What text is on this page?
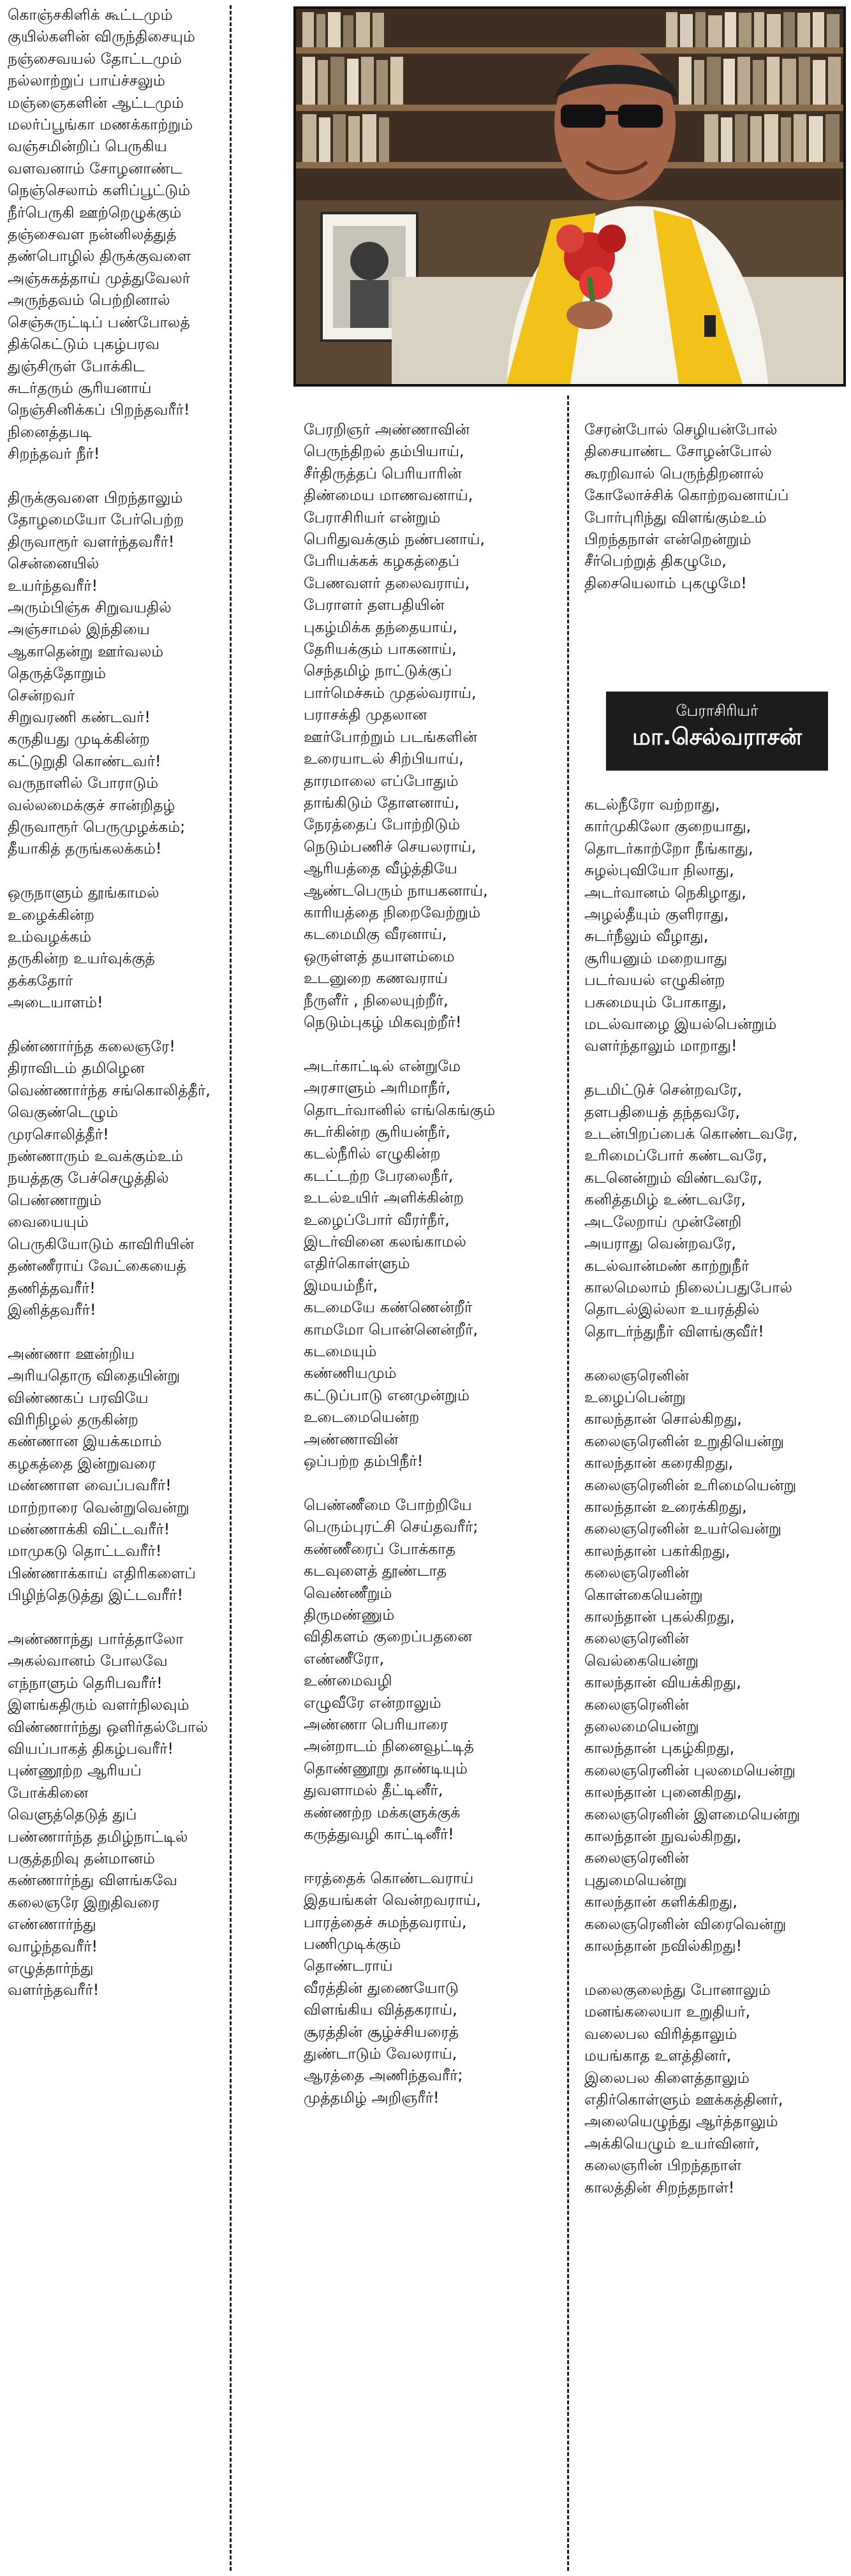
கொஞ்சகிளிக் கூட்டமும்
குயில்களின் விருந்திசையும்
நஞ்சைவயல் தோட்டமும்
நல்லாற்றுப் பாய்ச்சலும்
மஞ்ஞைகளின் ஆட்டமும்
மலர்ப்பூங்கா மணக்காற்றும்
வஞ்சமின்றிப் பெருகிய
வளவனாம் சோழனாண்ட
நெஞ்செலாம் களிப்பூட்டும்
நீர்பெருகி ஊற்றெழுக்கும்
தஞ்சைவள நன்னிலத்துத்
தண்பொழில் திருக்குவளை
அஞ்சுகத்தாய் முத்துவேலர்
அருந்தவம் பெற்றினால்
செஞ்சுருட்டிப் பண்போலத்
திக்கெட்டும் புகழ்பரவ
துஞ்சிருள் போக்கிட
சுடர்தரும் சூரியனாய்
நெஞ்சினிக்கப் பிறந்தவரீர்!
நினைத்தபடி
சிறந்தவர் நீர்!
திருக்குவளை பிறந்தாலும்
தோழமையோ பேர்பெற்ற
திருவாரூர் வளர்ந்தவரீர்!
சென்னையில்
உயர்ந்தவரீர்!
அரும்பிஞ்சு சிறுவயதில்
அஞ்சாமல் இந்தியை
ஆகாதென்று ஊர்வலம்
தெருத்தோறும்
சென்றவர்
சிறுவரணி கண்டவர்!
கருதியது முடிக்கின்ற
கட்டுறுதி கொண்டவர்!
வருநாளில் போராடும்
வல்லமைக்குச் சான்றிதழ்
திருவாரூர் பெருமுழக்கம்;
தீயாகித் தருங்கலக்கம்!
ஒருநாளும் தூங்காமல்
உழைக்கின்ற
உம்வழக்கம்
தருகின்ற உயர்வுக்குத்
தக்கதோர்
அடையாளம்!
திண்ணார்ந்த கலைஞரே!
திராவிடம் தமிழென
வெண்ணார்ந்த சங்கொலித்தீர்,
வெகுண்டெழும்
முரசொலித்தீர்!
நண்ணாரும் உவக்கும்உம்
நயத்தகு பேச்செழுத்தில்
பெண்ணாறும்
வையையும்
பெருகியோடும் காவிரியின்
தண்ணீராய் வேட்கையைத்
தணித்தவரீர்!
இனித்தவரீர்!
அண்ணா ஊன்றிய
அரியதொரு விதையின்று
விண்ணகப் பரவியே
விரிநிழல் தருகின்ற
கண்ணான இயக்கமாம்
கழகத்தை இன்றுவரை
மண்ணாள வைப்பவரீர்!
மாற்றாரை வென்றுவென்று
மண்ணாக்கி விட்டவரீர்!
மாமுகடு தொட்டவரீர்!
பிண்ணாக்காய் எதிரிகளைப்
பிழிந்தெடுத்து இட்டவரீர்!
அண்ணாந்து பார்த்தாலோ
அகல்வானம் போலவே
எந்நாளும் தெரிபவரீர்!
இளங்கதிரும் வளர்நிலவும்
விண்ணார்ந்து ஒளிர்தல்போல்
வியப்பாகத் திகழ்பவரீர்!
புண்ணூற்ற ஆரியப்
போக்கினை
வெளுத்தெடுத் துப்
பண்ணார்ந்த தமிழ்நாட்டில்
பகுத்தறிவு தன்மானம்
கண்ணார்ந்து விளங்கவே
கலைஞரே இறுதிவரை
எண்ணார்ந்து
வாழ்ந்தவரீர்!
எழுத்தார்ந்து
வளர்ந்தவரீர்!
பேரறிஞர் அண்ணாவின்
பெருந்திறல் தம்பியாய்,
சீர்திருத்தப் பெரியாரின்
திண்மைய மாணவனாய்,
பேராசிரியர் என்றும்
பெரிதுவக்கும் நண்பனாய்,
பேரியக்கக் கழகத்தைப்
பேணவளர் தலைவராய்,
பேராளர் தளபதியின்
புகழ்மிக்க தந்தையாய்,
தேரியக்கும் பாகனாய்,
செந்தமிழ் நாட்டுக்குப்
பார்மெச்சும் முதல்வராய்,
பராசக்தி முதலான
ஊர்போற்றும் படங்களின்
உரையாடல் சிற்பியாய்,
தாரமாலை எப்போதும்
தாங்கிடும் தோளனாய்,
நேரத்தைப் போற்றிடும்
நெடும்பணிச் செயலராய்,
ஆரியத்தை வீழ்த்தியே
ஆண்டபெரும் நாயகனாய்,
காரியத்தை நிறைவேற்றும்
கடமைமிகு வீரனாய்,
ஒருள்ளத் தயாளம்மை
உடனுறை கணவராய்
நீருளீர் , நிலையுற்றீர்,
நெடும்புகழ் மிகவுற்றீர்!
அடர்காட்டில் என்றுமே
அரசாளும் அரிமாநீர்,
தொடர்வானில் எங்கெங்கும்
சுடர்கின்ற சூரியன்நீர்,
கடல்நீரில் எழுகின்ற
கடட்டற்ற பேரலைநீர்,
உடல்உயிர் அளிக்கின்ற
உழைப்போர் வீரர்நீர்,
இடர்வினை கலங்காமல்
எதிர்கொள்ளும்
இமயம்நீர்,
கடமையே கண்ணென்றீர்
காமமோ பொன்னென்றீர்,
கடமையும்
கண்ணியமும்
கட்டுப்பாடு எனமுன்றும்
உடைமையென்ற
அண்ணாவின்
ஒப்பற்ற தம்பிநீர்!
பெண்ணீமை போற்றியே
பெரும்புரட்சி செய்தவரீர்;
கண்ணீரைப் போக்காத
கடவுளைத் தூண்டாத
வெண்ணீறும்
திருமண்ணும்
விதிகளம் குறைப்பதனை
எண்ணீரோ,
உண்மைவழி
எழுவீரே என்றாலும்
அண்ணா பெரியாரை
அன்றாடம் நினைவூட்டித்
தொண்ணூறு தாண்டியும்
துவளாமல் தீட்டினீர்,
கண்ணற்ற மக்களுக்குக்
கருத்துவழி காட்டினீர்!
ஈரத்தைக் கொண்டவராய்
இதயங்கள் வென்றவராய்,
பாரத்தைச் சுமந்தவராய்,
பணிமுடிக்கும்
தொண்டராய்
வீரத்தின் துணையோடு
விளங்கிய வித்தகராய்,
சூரத்தின் சூழ்ச்சியரைத்
துண்டாடும் வேலராய்,
ஆரத்தை அணிந்தவரீர்;
முத்தமிழ் அறிஞரீர்!
சேரன்போல் செழியன்போல்
திசையாண்ட சோழன்போல்
கூரறிவால் பெருந்திறனால்
கோலோச்சிக் கொற்றவனாய்ப்
போர்புரிந்து விளங்கும்உம்
பிறந்தநாள் என்றென்றும்
சீர்பெற்றுத் திகழுமே,
திசையெலாம் புகழுமே!
பேராசிரியர்
மா.செல்வராசன்
கடல்நீரோ வற்றாது,
கார்முகிலோ குறையாது,
தொடர்காற்றோ நீங்காது,
சுழல்புவியோ நிலாது,
அடர்வானம் நெகிழாது,
அழல்தீயும் குளிராது,
சுடர்நீலும் வீழாது,
சூரியனும் மறையாது
படர்வயல் எழுகின்ற
பசுமையும் போகாது,
மடல்வாழை இயல்பென்றும்
வளர்ந்தாலும் மாறாது!
தடமிட்டுச் சென்றவரே,
தளபதியைத் தந்தவரே,
உடன்பிறப்பைக் கொண்டவரே,
உரிமைப்போர் கண்டவரே,
கடனென்றும் விண்டவரே,
கனித்தமிழ் உண்டவரே,
அடலேறாய் முன்னேறி
அயராது வென்றவரே,
கடல்வான்மண் காற்றுநீர்
காலமெலாம் நிலைப்பதுபோல்
தொடல்இல்லா உயரத்தில்
தொடர்ந்துநீர் விளங்குவீர்!
கலைஞரெனின்
உழைப்பென்று
காலந்தான் சொல்கிறது,
கலைஞரெனின் உறுதியென்று
காலந்தான் கரைகிறது,
கலைஞரெனின் உரிமையென்று
காலந்தான் உரைக்கிறது,
கலைஞரெனின் உயர்வென்று
காலந்தான் பகர்கிறது,
கலைஞரெனின்
கொள்கையென்று
காலந்தான் புகல்கிறது,
கலைஞரெனின்
வெல்கையென்று
காலந்தான் வியக்கிறது,
கலைஞரெனின்
தலைமையென்று
காலந்தான் புகழ்கிறது,
கலைஞரெனின் புலமையென்று
காலந்தான் புனைகிறது,
கலைஞரெனின் இளமையென்று
காலந்தான் நுவல்கிறது,
கலைஞரெனின்
புதுமையென்று
காலந்தான் களிக்கிறது,
கலைஞரெனின் விரைவென்று
காலந்தான் நவில்கிறது!
மலைகுலைந்து போனாலும்
மனங்கலையா உறுதியர்,
வலைபல விரித்தாலும்
மயங்காத உளத்தினர்,
இலைபல கிளைத்தாலும்
எதிர்கொள்ளும் ஊக்கத்தினர்,
அலையெழுந்து ஆர்த்தாலும்
அக்கியெழும் உயர்வினர்,
கலைஞரின் பிறந்தநாள்
காலத்தின் சிறந்தநாள்!
